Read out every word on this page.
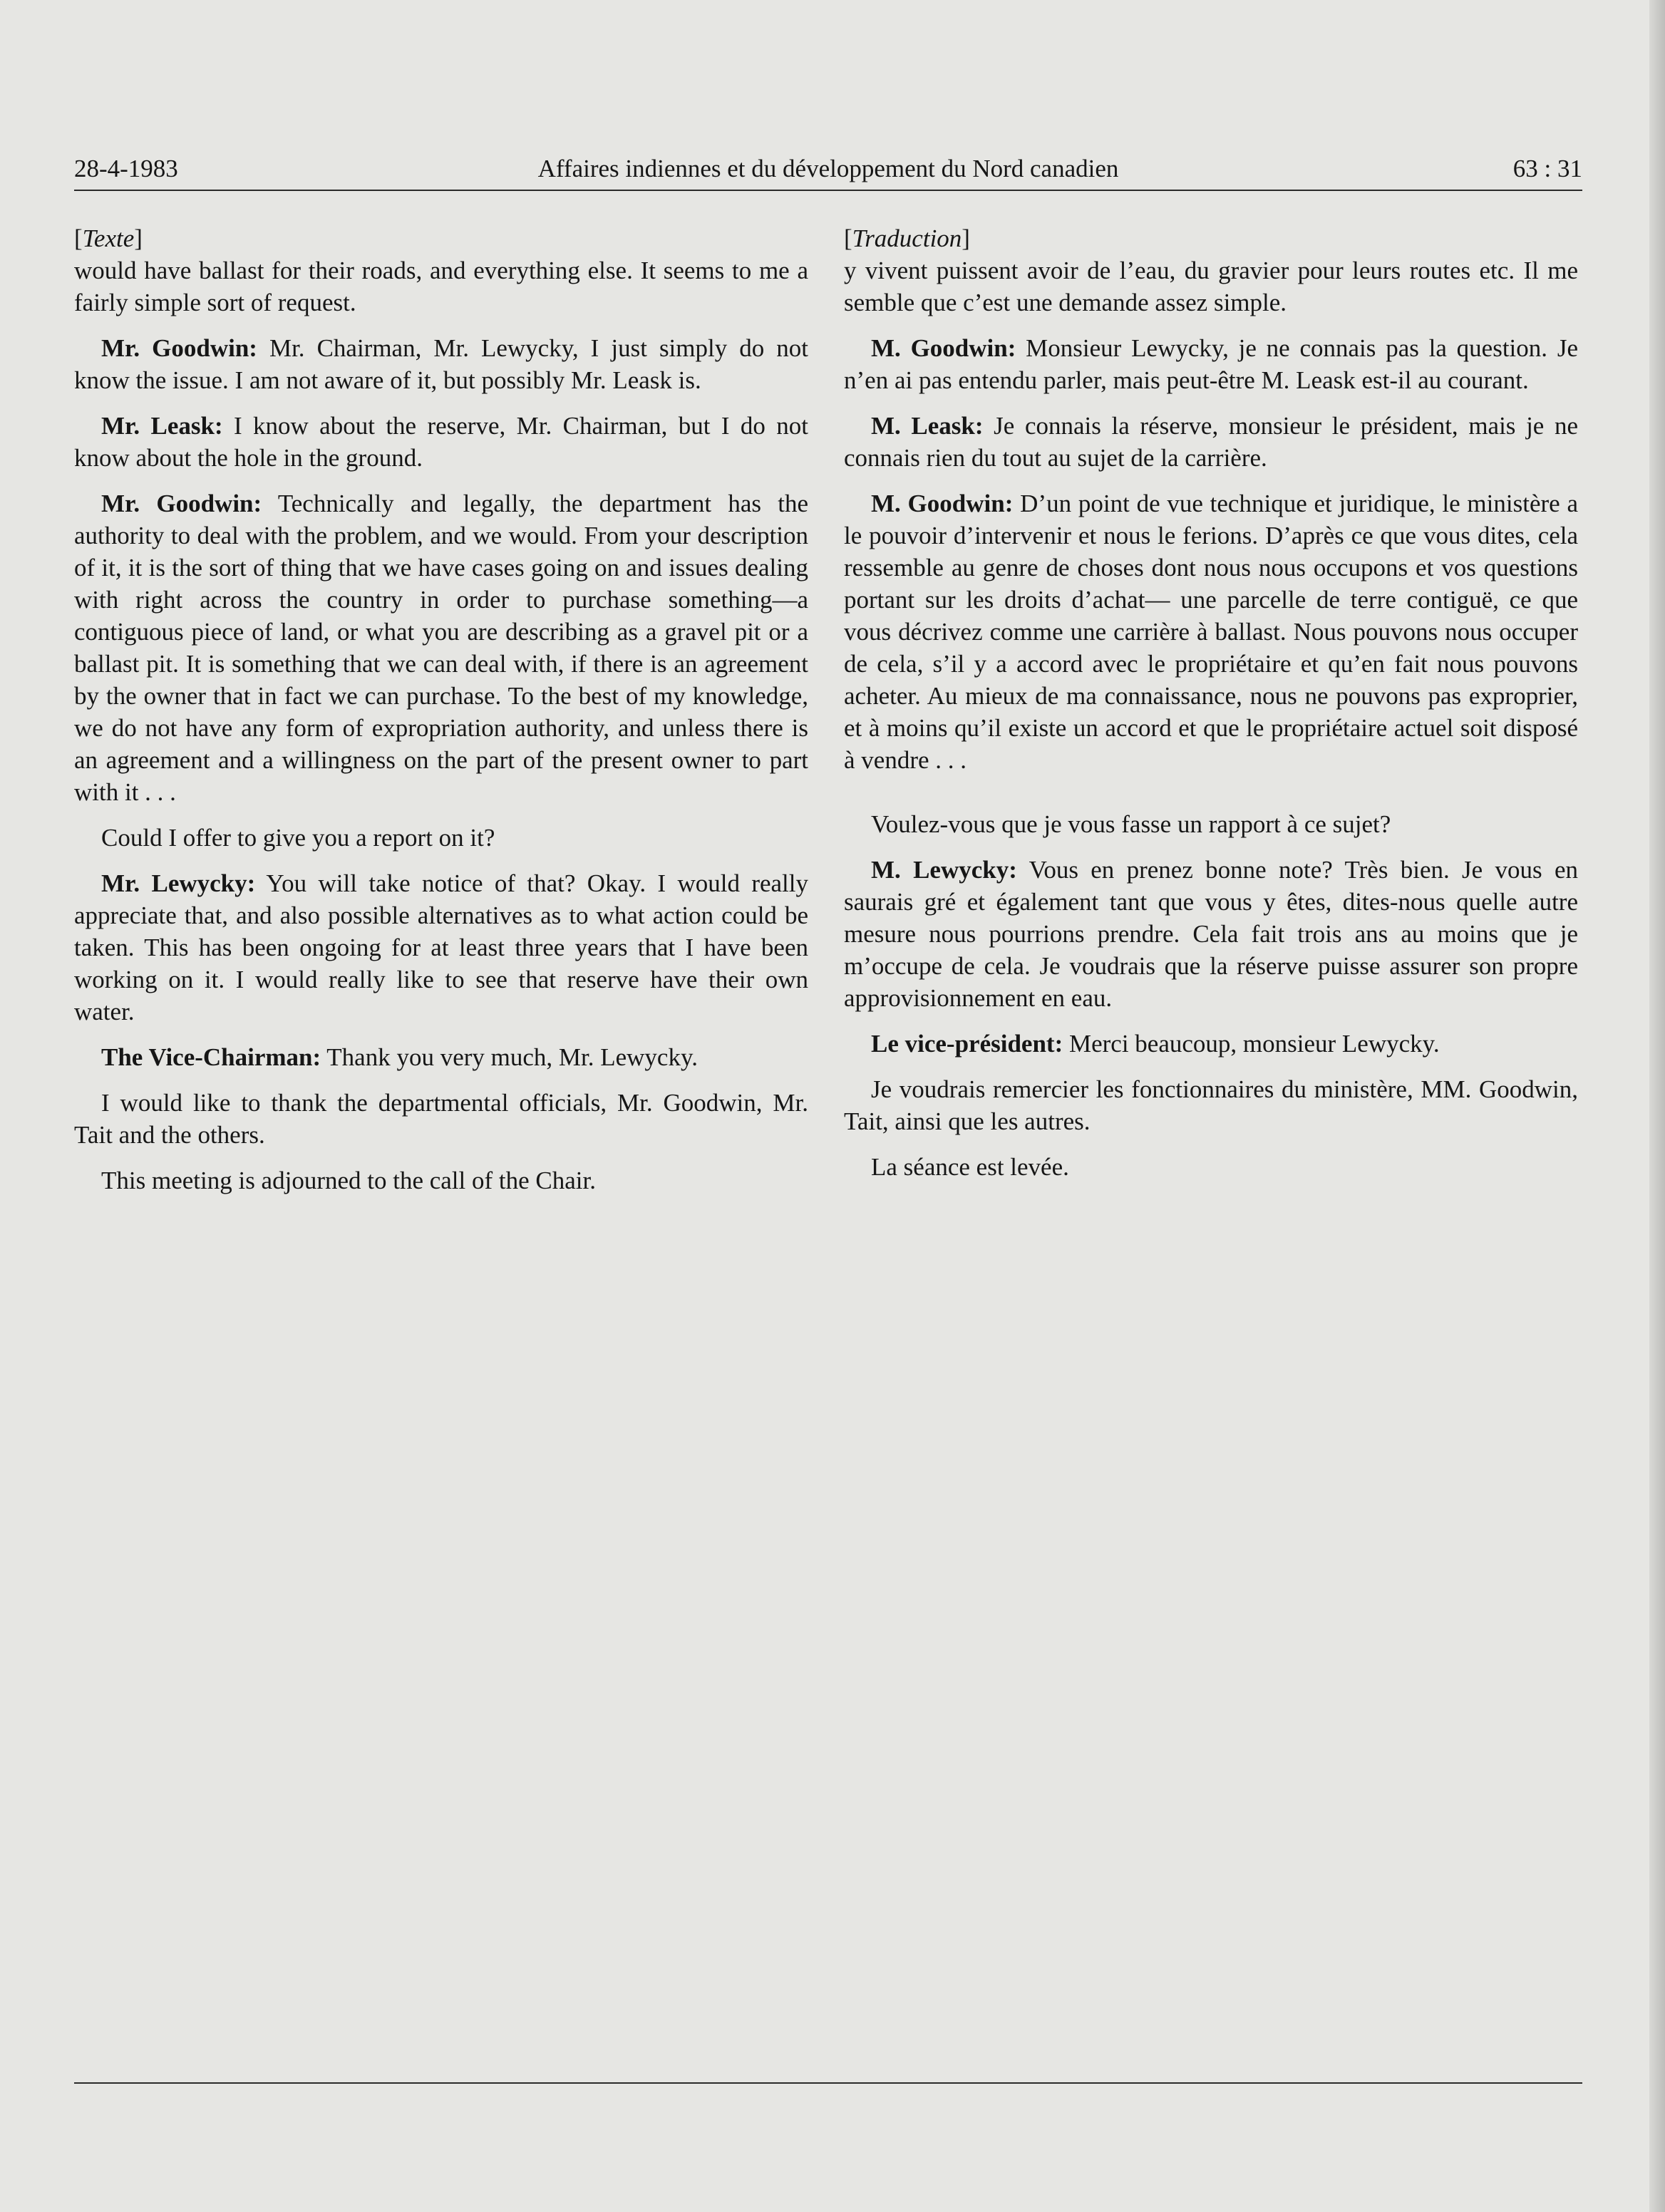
28-4-1983	Affaires indiennes et du développement du Nord canadien	63 : 31

[Texte]

would have ballast for their roads, and everything else. It seems to me a fairly simple sort of request.

Mr. Goodwin: Mr. Chairman, Mr. Lewycky, I just simply do not know the issue. I am not aware of it, but possibly Mr. Leask is.

Mr. Leask: I know about the reserve, Mr. Chairman, but I do not know about the hole in the ground.

Mr. Goodwin: Technically and legally, the department has the authority to deal with the problem, and we would. From your description of it, it is the sort of thing that we have cases going on and issues dealing with right across the country in order to purchase something—a contiguous piece of land, or what you are describing as a gravel pit or a ballast pit. It is something that we can deal with, if there is an agreement by the owner that in fact we can purchase. To the best of my knowledge, we do not have any form of expropriation authority, and unless there is an agreement and a willingness on the part of the present owner to part with it . . .

Could I offer to give you a report on it?

Mr. Lewycky: You will take notice of that? Okay. I would really appreciate that, and also possible alternatives as to what action could be taken. This has been ongoing for at least three years that I have been working on it. I would really like to see that reserve have their own water.

The Vice-Chairman: Thank you very much, Mr. Lewycky.

I would like to thank the departmental officials, Mr. Goodwin, Mr. Tait and the others.

This meeting is adjourned to the call of the Chair.

[Traduction]

y vivent puissent avoir de l’eau, du gravier pour leurs routes etc. Il me semble que c’est une demande assez simple.

M. Goodwin: Monsieur Lewycky, je ne connais pas la question. Je n’en ai pas entendu parler, mais peut-être M. Leask est-il au courant.

M. Leask: Je connais la réserve, monsieur le président, mais je ne connais rien du tout au sujet de la carrière.

M. Goodwin: D’un point de vue technique et juridique, le ministère a le pouvoir d’intervenir et nous le ferions. D’après ce que vous dites, cela ressemble au genre de choses dont nous nous occupons et vos questions portant sur les droits d’achat— une parcelle de terre contiguë, ce que vous décrivez comme une carrière à ballast. Nous pouvons nous occuper de cela, s’il y a accord avec le propriétaire et qu’en fait nous pouvons acheter. Au mieux de ma connaissance, nous ne pouvons pas exproprier, et à moins qu’il existe un accord et que le propriétaire actuel soit disposé à vendre . . .

Voulez-vous que je vous fasse un rapport à ce sujet?

M. Lewycky: Vous en prenez bonne note? Très bien. Je vous en saurais gré et également tant que vous y êtes, dites-nous quelle autre mesure nous pourrions prendre. Cela fait trois ans au moins que je m’occupe de cela. Je voudrais que la réserve puisse assurer son propre approvisionnement en eau.

Le vice-président: Merci beaucoup, monsieur Lewycky.

Je voudrais remercier les fonctionnaires du ministère, MM. Goodwin, Tait, ainsi que les autres.

La séance est levée.
